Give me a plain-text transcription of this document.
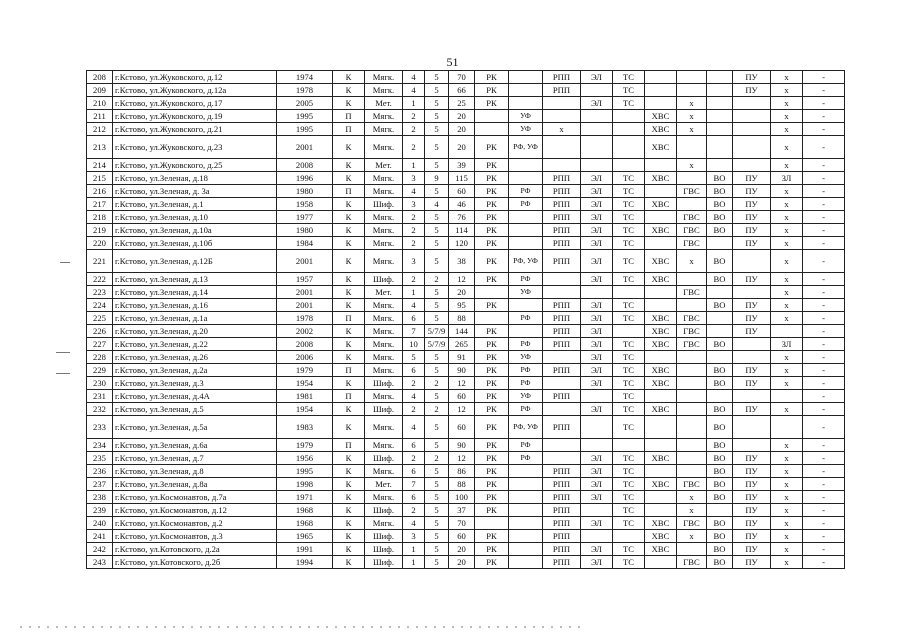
51
208	г.Кстово, ул.Жуковского, д.12	1974	К	Мягк.	4	5	70	РК		РПП	ЭЛ	ТС				ПУ	х	-
209	г.Кстово, ул.Жуковского, д.12а	1978	К	Мягк.	4	5	66	РК		РПП		ТС				ПУ	х	-
210	г.Кстово, ул.Жуковского, д.17	2005	К	Мет.	1	5	25	РК			ЭЛ	ТС		х			х	-
211	г.Кстово, ул.Жуковского, д.19	1995	П	Мягк.	2	5	20		УФ				ХВС	х			х	-
212	г.Кстово, ул.Жуковского, д.21	1995	П	Мягк.	2	5	20		УФ	х			ХВС	х			х	-
213	г.Кстово, ул.Жуковского, д.23	2001	К	Мягк.	2	5	20	РК	РФ, УФ				ХВС				х	-
214	г.Кстово, ул.Жуковского, д.25	2008	К	Мет.	1	5	39	РК						х			х	-
215	г.Кстово, ул.Зеленая, д.18	1996	К	Мягк.	3	9	115	РК		РПП	ЭЛ	ТС	ХВС		ВО	ПУ	ЗЛ	-
216	г.Кстово, ул.Зеленая, д. 3а	1980	П	Мягк.	4	5	60	РК	РФ	РПП	ЭЛ	ТС		ГВС	ВО	ПУ	х	-
217	г.Кстово, ул.Зеленая, д.1	1958	К	Шиф.	3	4	46	РК	РФ	РПП	ЭЛ	ТС	ХВС		ВО	ПУ	х	-
218	г.Кстово, ул.Зеленая, д.10	1977	К	Мягк.	2	5	76	РК		РПП	ЭЛ	ТС		ГВС	ВО	ПУ	х	-
219	г.Кстово, ул.Зеленая, д.10а	1980	К	Мягк.	2	5	114	РК		РПП	ЭЛ	ТС	ХВС	ГВС	ВО	ПУ	х	-
220	г.Кстово, ул.Зеленая, д.10б	1984	К	Мягк.	2	5	120	РК		РПП	ЭЛ	ТС		ГВС		ПУ	х	-
221	г.Кстово, ул.Зеленая, д.12Б	2001	К	Мягк.	3	5	38	РК	РФ, УФ	РПП	ЭЛ	ТС	ХВС	х	ВО		х	-
222	г.Кстово, ул.Зеленая, д.13	1957	К	Шиф.	2	2	12	РК	РФ		ЭЛ	ТС	ХВС		ВО	ПУ	х	-
223	г.Кстово, ул.Зеленая, д.14	2001	К	Мет.	1	5	20		УФ					ГВС			х	-
224	г.Кстово, ул.Зеленая, д.16	2001	К	Мягк.	4	5	95	РК		РПП	ЭЛ	ТС			ВО	ПУ	х	-
225	г.Кстово, ул.Зеленая, д.1а	1978	П	Мягк.	6	5	88		РФ	РПП	ЭЛ	ТС	ХВС	ГВС		ПУ	х	-
226	г.Кстово, ул.Зеленая, д.20	2002	К	Мягк.	7	5/7/9	144	РК		РПП	ЭЛ		ХВС	ГВС		ПУ		-
227	г.Кстово, ул.Зеленая, д.22	2008	К	Мягк.	10	5/7/9	265	РК	РФ	РПП	ЭЛ	ТС	ХВС	ГВС	ВО		ЗЛ	-
228	г.Кстово, ул.Зеленая, д.26	2006	К	Мягк.	5	5	91	РК	УФ		ЭЛ	ТС					х	-
229	г.Кстово, ул.Зеленая, д.2а	1979	П	Мягк.	6	5	90	РК	РФ	РПП	ЭЛ	ТС	ХВС		ВО	ПУ	х	-
230	г.Кстово, ул.Зеленая, д.3	1954	К	Шиф.	2	2	12	РК	РФ		ЭЛ	ТС	ХВС		ВО	ПУ	х	-
231	г.Кстово, ул.Зеленая, д.4А	1981	П	Мягк.	4	5	60	РК	УФ	РПП		ТС						-
232	г.Кстово, ул.Зеленая, д.5	1954	К	Шиф.	2	2	12	РК	РФ		ЭЛ	ТС	ХВС		ВО	ПУ	х	-
233	г.Кстово, ул.Зеленая, д.5а	1983	К	Мягк.	4	5	60	РК	РФ, УФ	РПП		ТС			ВО			-
234	г.Кстово, ул.Зеленая, д.6а	1979	П	Мягк.	6	5	90	РК	РФ						ВО		х	-
235	г.Кстово, ул.Зеленая, д.7	1956	К	Шиф.	2	2	12	РК	РФ		ЭЛ	ТС	ХВС		ВО	ПУ	х	-
236	г.Кстово, ул.Зеленая, д.8	1995	К	Мягк.	6	5	86	РК		РПП	ЭЛ	ТС			ВО	ПУ	х	-
237	г.Кстово, ул.Зеленая, д.8а	1998	К	Мет.	7	5	88	РК		РПП	ЭЛ	ТС	ХВС	ГВС	ВО	ПУ	х	-
238	г.Кстово, ул.Космонавтов, д.7а	1971	К	Мягк.	6	5	100	РК		РПП	ЭЛ	ТС		х	ВО	ПУ	х	-
239	г.Кстово, ул.Космонавтов, д.12	1968	К	Шиф.	2	5	37	РК		РПП		ТС		х		ПУ	х	-
240	г.Кстово, ул.Космонавтов, д.2	1968	К	Мягк.	4	5	70			РПП	ЭЛ	ТС	ХВС	ГВС	ВО	ПУ	х	-
241	г.Кстово, ул.Космонавтов, д.3	1965	К	Шиф.	3	5	60	РК		РПП			ХВС	х	ВО	ПУ	х	-
242	г.Кстово, ул.Котовского, д.2а	1991	К	Шиф.	1	5	20	РК		РПП	ЭЛ	ТС	ХВС		ВО	ПУ	х	-
243	г.Кстово, ул.Котовского, д.2б	1994	К	Шиф.	1	5	20	РК		РПП	ЭЛ	ТС		ГВС	ВО	ПУ	х	-
